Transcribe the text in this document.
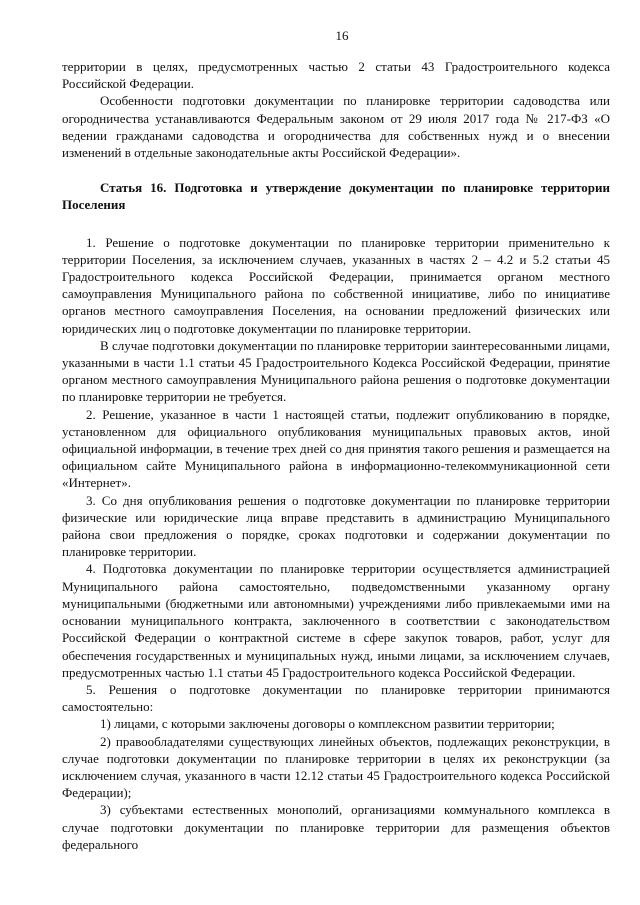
16

территории в целях, предусмотренных частью 2 статьи 43 Градостроительного кодекса Российской Федерации.

Особенности подготовки документации по планировке территории садоводства или огородничества устанавливаются Федеральным законом от 29 июля 2017 года № 217-ФЗ «О ведении гражданами садоводства и огородничества для собственных нужд и о внесении изменений в отдельные законодательные акты Российской Федерации».

Статья 16. Подготовка и утверждение документации по планировке территории Поселения

1. Решение о подготовке документации по планировке территории применительно к территории Поселения, за исключением случаев, указанных в частях 2 – 4.2 и 5.2 статьи 45 Градостроительного кодекса Российской Федерации, принимается органом местного самоуправления Муниципального района по собственной инициативе, либо по инициативе органов местного самоуправления Поселения, на основании предложений физических или юридических лиц о подготовке документации по планировке территории.

В случае подготовки документации по планировке территории заинтересованными лицами, указанными в части 1.1 статьи 45 Градостроительного Кодекса Российской Федерации, принятие органом местного самоуправления Муниципального района решения о подготовке документации по планировке территории не требуется.

2. Решение, указанное в части 1 настоящей статьи, подлежит опубликованию в порядке, установленном для официального опубликования муниципальных правовых актов, иной официальной информации, в течение трех дней со дня принятия такого решения и размещается на официальном сайте Муниципального района в информационно-телекоммуникационной сети «Интернет».

3. Со дня опубликования решения о подготовке документации по планировке территории физические или юридические лица вправе представить в администрацию Муниципального района свои предложения о порядке, сроках подготовки и содержании документации по планировке территории.

4. Подготовка документации по планировке территории осуществляется администрацией Муниципального района самостоятельно, подведомственными указанному органу муниципальными (бюджетными или автономными) учреждениями либо привлекаемыми ими на основании муниципального контракта, заключенного в соответствии с законодательством Российской Федерации о контрактной системе в сфере закупок товаров, работ, услуг для обеспечения государственных и муниципальных нужд, иными лицами, за исключением случаев, предусмотренных частью 1.1 статьи 45 Градостроительного кодекса Российской Федерации.

5. Решения о подготовке документации по планировке территории принимаются самостоятельно:

1) лицами, с которыми заключены договоры о комплексном развитии территории;

2) правообладателями существующих линейных объектов, подлежащих реконструкции, в случае подготовки документации по планировке территории в целях их реконструкции (за исключением случая, указанного в части 12.12 статьи 45 Градостроительного кодекса Российской Федерации);

3) субъектами естественных монополий, организациями коммунального комплекса в случае подготовки документации по планировке территории для размещения объектов федерального
